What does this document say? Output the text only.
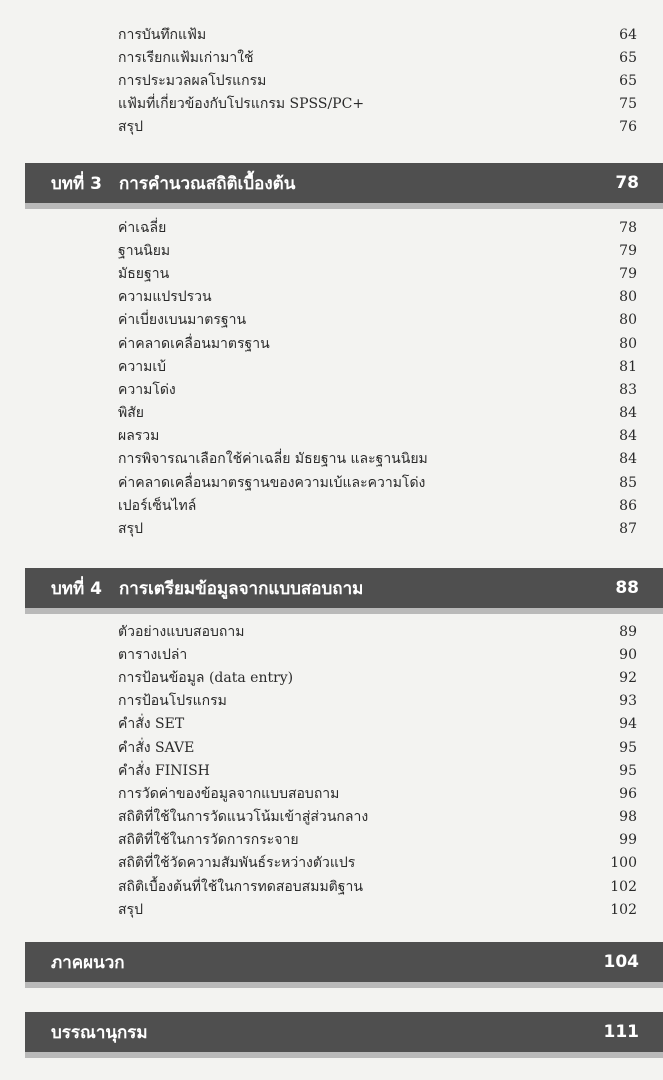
การบันทึกแฟ้ม	64
การเรียกแฟ้มเก่ามาใช้	65
การประมวลผลโปรแกรม	65
แฟ้มที่เกี่ยวข้องกับโปรแกรม SPSS/PC+	75
สรุป	76
บทที่ 3	การคำนวณสถิติเบื้องต้น	78
ค่าเฉลี่ย	78
ฐานนิยม	79
มัธยฐาน	79
ความแปรปรวน	80
ค่าเบี่ยงเบนมาตรฐาน	80
ค่าคลาดเคลื่อนมาตรฐาน	80
ความเบ้	81
ความโด่ง	83
พิสัย	84
ผลรวม	84
การพิจารณาเลือกใช้ค่าเฉลี่ย มัธยฐาน และฐานนิยม	84
ค่าคลาดเคลื่อนมาตรฐานของความเบ้และความโด่ง	85
เปอร์เซ็นไทล์	86
สรุป	87
บทที่ 4	การเตรียมข้อมูลจากแบบสอบถาม	88
ตัวอย่างแบบสอบถาม	89
ตารางเปล่า	90
การป้อนข้อมูล (data entry)	92
การป้อนโปรแกรม	93
คำสั่ง SET	94
คำสั่ง SAVE	95
คำสั่ง FINISH	95
การวัดค่าของข้อมูลจากแบบสอบถาม	96
สถิติที่ใช้ในการวัดแนวโน้มเข้าสู่ส่วนกลาง	98
สถิติที่ใช้ในการวัดการกระจาย	99
สถิติที่ใช้วัดความสัมพันธ์ระหว่างตัวแปร	100
สถิติเบื้องต้นที่ใช้ในการทดสอบสมมติฐาน	102
สรุป	102
ภาคผนวก	104
บรรณานุกรม	111
